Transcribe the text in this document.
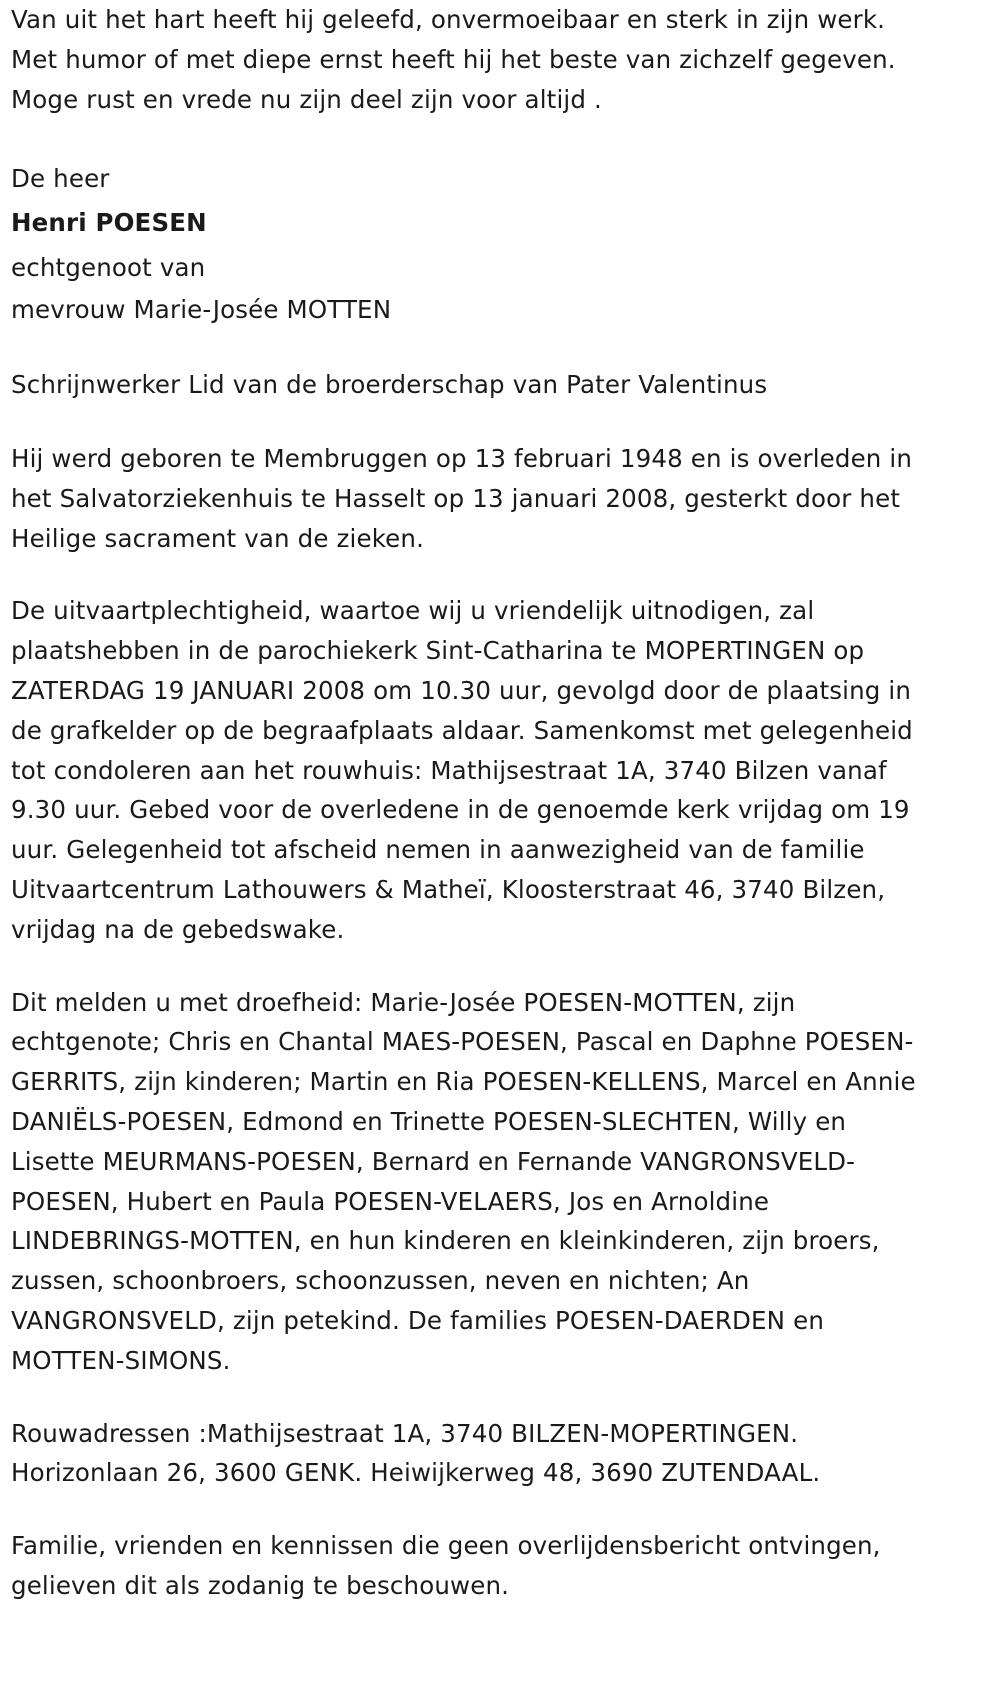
Van uit het hart heeft hij geleefd, onvermoeibaar en sterk in zijn werk.
Met humor of met diepe ernst heeft hij het beste van zichzelf gegeven.
Moge rust en vrede nu zijn deel zijn voor altijd .
De heer
Henri POESEN
echtgenoot van
mevrouw Marie-Josée MOTTEN
Schrijnwerker Lid van de broerderschap van Pater Valentinus
Hij werd geboren te Membruggen op 13 februari 1948 en is overleden in
het Salvatorziekenhuis te Hasselt op 13 januari 2008, gesterkt door het
Heilige sacrament van de zieken.
De uitvaartplechtigheid, waartoe wij u vriendelijk uitnodigen, zal
plaatshebben in de parochiekerk Sint-Catharina te MOPERTINGEN op
ZATERDAG 19 JANUARI 2008 om 10.30 uur, gevolgd door de plaatsing in
de grafkelder op de begraafplaats aldaar. Samenkomst met gelegenheid
tot condoleren aan het rouwhuis: Mathijsestraat 1A, 3740 Bilzen vanaf
9.30 uur. Gebed voor de overledene in de genoemde kerk vrijdag om 19
uur. Gelegenheid tot afscheid nemen in aanwezigheid van de familie
Uitvaartcentrum Lathouwers & Matheï, Kloosterstraat 46, 3740 Bilzen,
vrijdag na de gebedswake.
Dit melden u met droefheid: Marie-Josée POESEN-MOTTEN, zijn
echtgenote; Chris en Chantal MAES-POESEN, Pascal en Daphne POESEN-
GERRITS, zijn kinderen; Martin en Ria POESEN-KELLENS, Marcel en Annie
DANIËLS-POESEN, Edmond en Trinette POESEN-SLECHTEN, Willy en
Lisette MEURMANS-POESEN, Bernard en Fernande VANGRONSVELD-
POESEN, Hubert en Paula POESEN-VELAERS, Jos en Arnoldine
LINDEBRINGS-MOTTEN, en hun kinderen en kleinkinderen, zijn broers,
zussen, schoonbroers, schoonzussen, neven en nichten; An
VANGRONSVELD, zijn petekind. De families POESEN-DAERDEN en
MOTTEN-SIMONS.
Rouwadressen :Mathijsestraat 1A, 3740 BILZEN-MOPERTINGEN.
Horizonlaan 26, 3600 GENK. Heiwijkerweg 48, 3690 ZUTENDAAL.
Familie, vrienden en kennissen die geen overlijdensbericht ontvingen,
gelieven dit als zodanig te beschouwen.
